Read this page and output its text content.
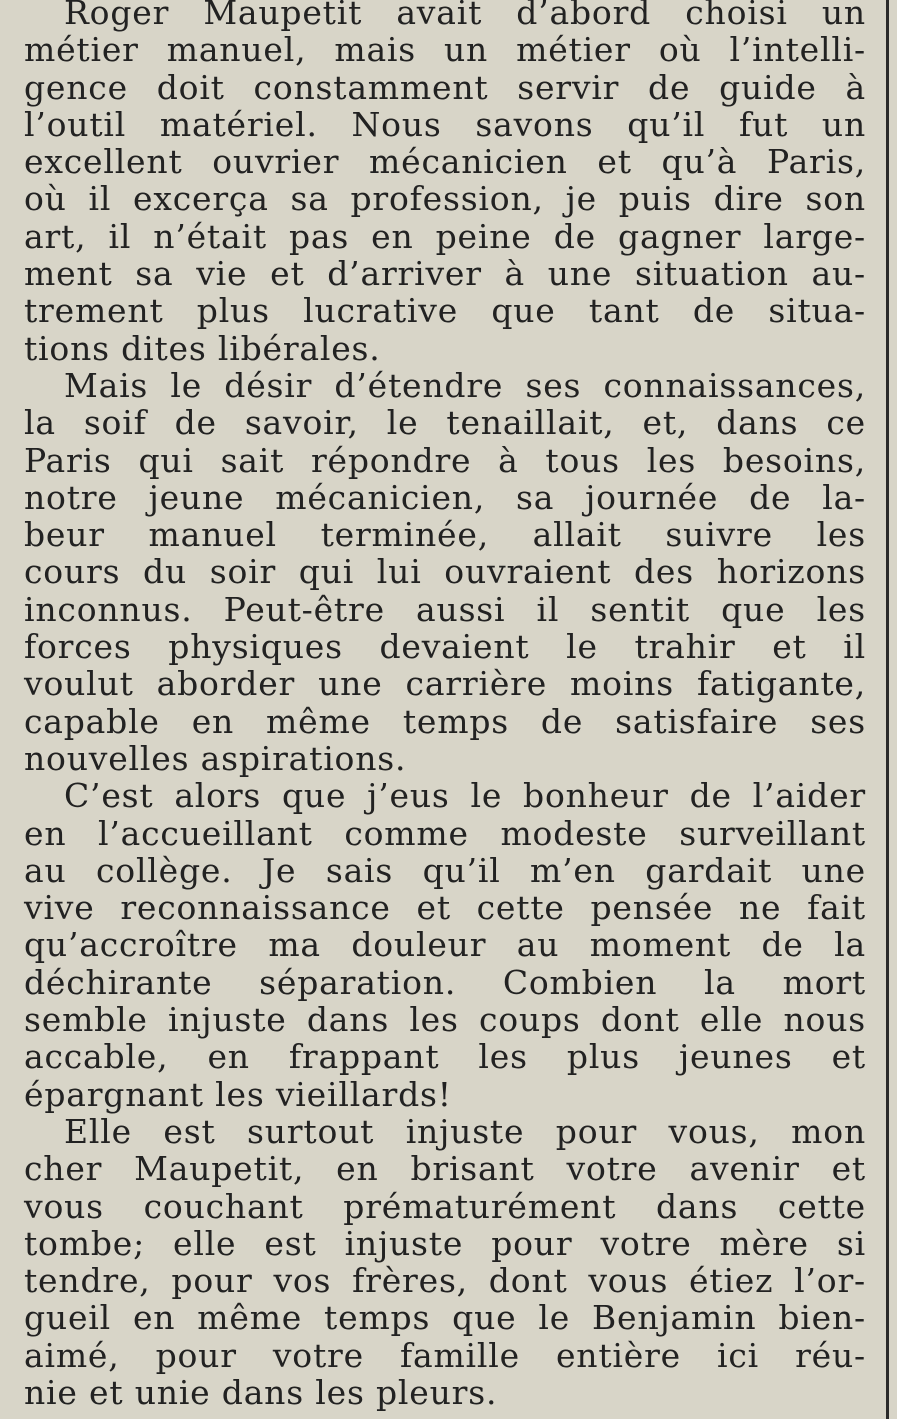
Roger Maupetit avait d’abord choisi un
métier manuel, mais un métier où l’intelli-
gence doit constamment servir de guide à
l’outil matériel. Nous savons qu’il fut un
excellent ouvrier mécanicien et qu’à Paris,
où il excerça sa profession, je puis dire son
art, il n’était pas en peine de gagner large-
ment sa vie et d’arriver à une situation au-
trement plus lucrative que tant de situa-
tions dites libérales.
Mais le désir d’étendre ses connaissances,
la soif de savoir, le tenaillait, et, dans ce
Paris qui sait répondre à tous les besoins,
notre jeune mécanicien, sa journée de la-
beur manuel terminée, allait suivre les
cours du soir qui lui ouvraient des horizons
inconnus. Peut-être aussi il sentit que les
forces physiques devaient le trahir et il
voulut aborder une carrière moins fatigante,
capable en même temps de satisfaire ses
nouvelles aspirations.
C’est alors que j’eus le bonheur de l’aider
en l’accueillant comme modeste surveillant
au collège. Je sais qu’il m’en gardait une
vive reconnaissance et cette pensée ne fait
qu’accroître ma douleur au moment de la
déchirante séparation. Combien la mort
semble injuste dans les coups dont elle nous
accable, en frappant les plus jeunes et
épargnant les vieillards!
Elle est surtout injuste pour vous, mon
cher Maupetit, en brisant votre avenir et
vous couchant prématurément dans cette
tombe; elle est injuste pour votre mère si
tendre, pour vos frères, dont vous étiez l’or-
gueil en même temps que le Benjamin bien-
aimé, pour votre famille entière ici réu-
nie et unie dans les pleurs.
